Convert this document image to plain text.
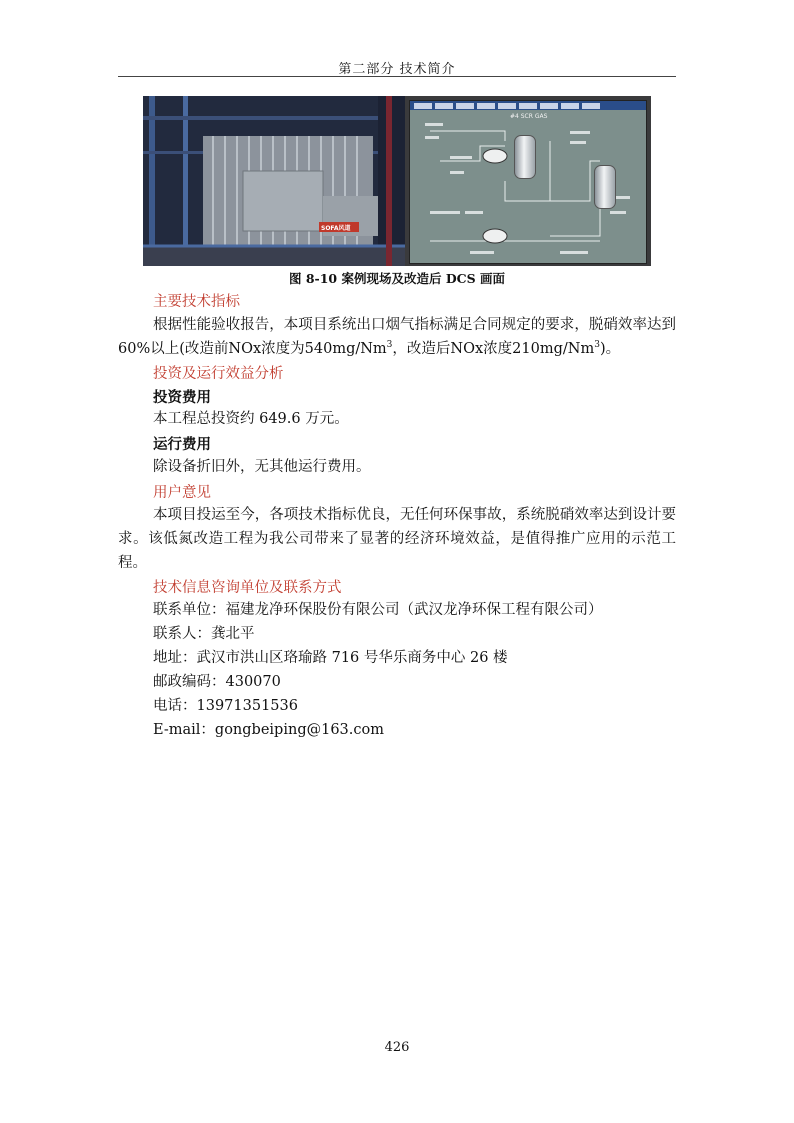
第二部分 技术简介
SOFA风道
#4 SCR GAS
图 8-10 案例现场及改造后 DCS 画面
主要技术指标
根据性能验收报告，本项目系统出口烟气指标满足合同规定的要求，脱硝效率达到60%以上(改造前NOx浓度为540mg/Nm$^3$，改造后NOx浓度210mg/Nm$^3$)。
投资及运行效益分析
投资费用
本工程总投资约 649.6 万元。
运行费用
除设备折旧外，无其他运行费用。
用户意见
本项目投运至今，各项技术指标优良，无任何环保事故，系统脱硝效率达到设计要求。该低氮改造工程为我公司带来了显著的经济环境效益，是值得推广应用的示范工程。
技术信息咨询单位及联系方式
联系单位：福建龙净环保股份有限公司（武汉龙净环保工程有限公司）
联系人：龚北平
地址：武汉市洪山区珞瑜路 716 号华乐商务中心 26 楼
邮政编码：430070
电话：13971351536
E-mail：gongbeiping@163.com
426
